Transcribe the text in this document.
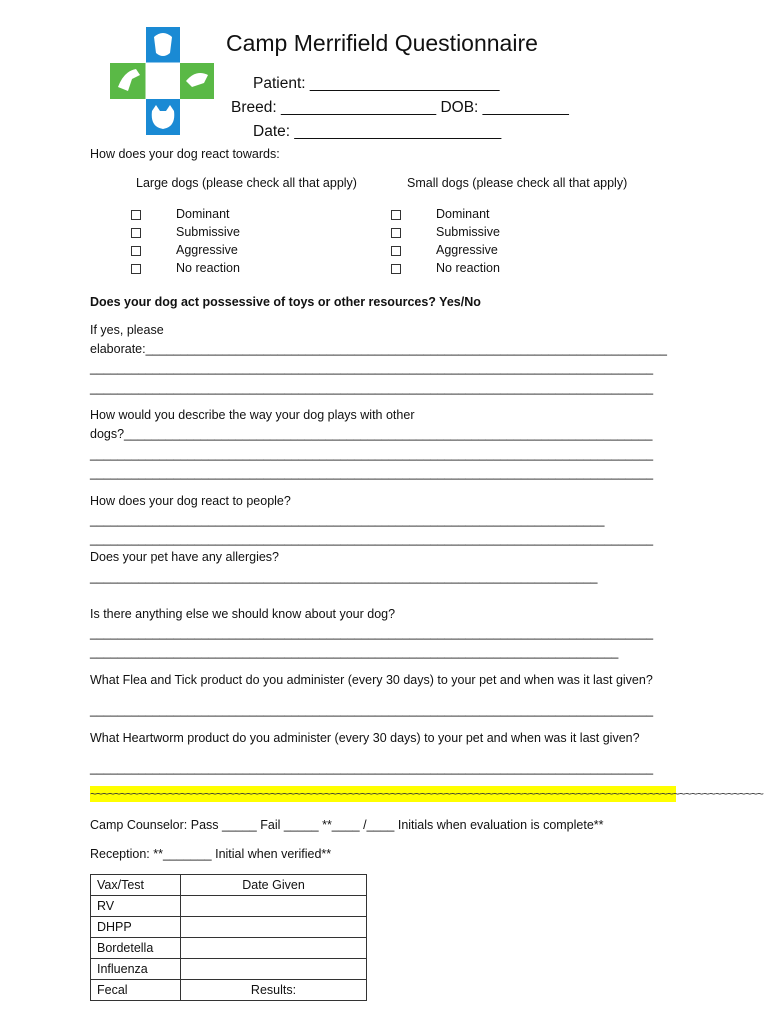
Camp Merrifield Questionnaire
Patient: ______________________
Breed: __________________ DOB: __________
Date: ________________________
How does your dog react towards:
Large dogs (please check all that apply)	Small dogs (please check all that apply)
Dominant
Submissive
Aggressive
No reaction
Dominant
Submissive
Aggressive
No reaction
Does your dog act possessive of toys or other resources? Yes/No
If yes, please
elaborate:___________________________________________________________________________
_________________________________________________________________________________
_________________________________________________________________________________
How would you describe the way your dog plays with other
dogs?____________________________________________________________________________
_________________________________________________________________________________
_________________________________________________________________________________
How does your dog react to people?
__________________________________________________________________________
_________________________________________________________________________________
Does your pet have any allergies?
_________________________________________________________________________
Is there anything else we should know about your dog?
_________________________________________________________________________________
____________________________________________________________________________
What Flea and Tick product do you administer (every 30 days) to your pet and when was it last given?
_________________________________________________________________________________
What Heartworm product do you administer (every 30 days) to your pet and when was it last given?
_________________________________________________________________________________
~~~~~~~~~~~~~~~~~~~~~~~~~~~~~~~~~~~~~~~~~~~~~~~~~~~~~~~~~~~~~~~~~~~~~~~~~~~~~~~~~~~~~~~~~~~~~~~~~~~~~~~~~~~~~~~~
Camp Counselor: Pass _____ Fail _____ **____ /____ Initials when evaluation is complete**
Reception: **_______ Initial when verified**
Vax/Test	Date Given
RV	
DHPP	
Bordetella	
Influenza	
Fecal	Results:
